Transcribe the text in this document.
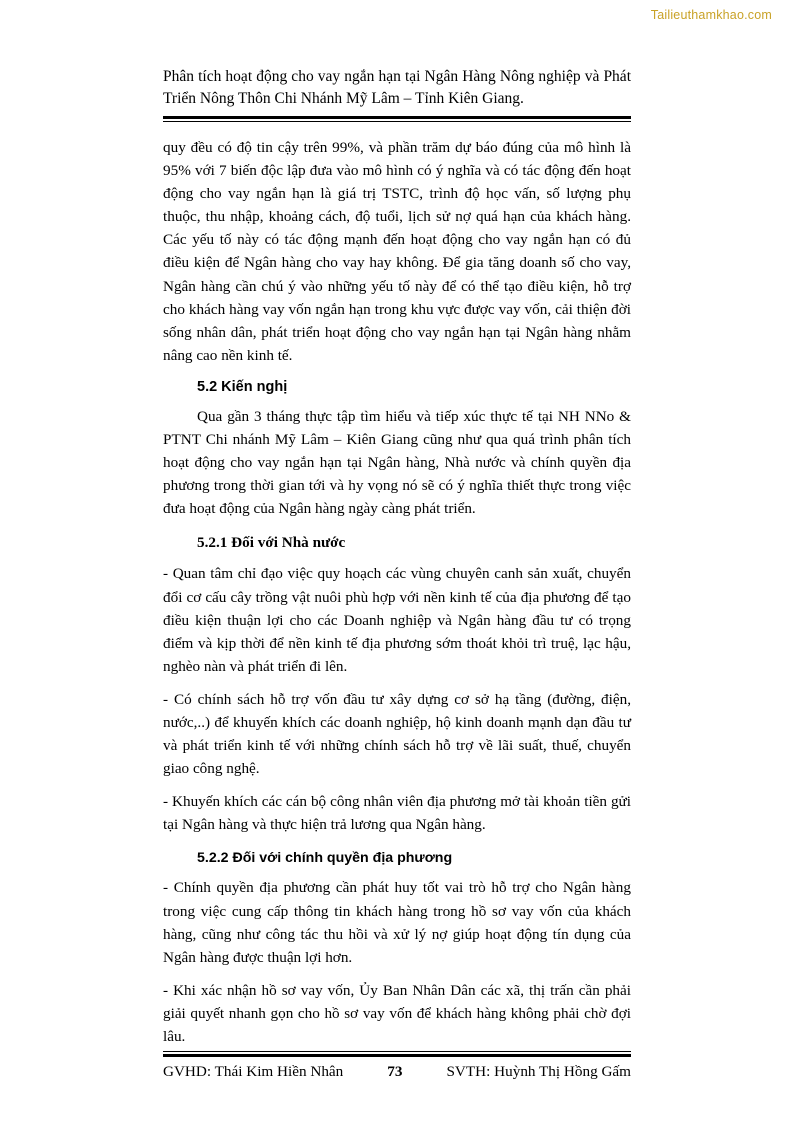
Tailieuthamkhao.com
Phân tích hoạt động cho vay ngắn hạn tại Ngân Hàng Nông nghiệp và Phát Triển Nông Thôn Chi Nhánh Mỹ Lâm – Tỉnh Kiên Giang.

quy đều có độ tin cậy trên 99%, và phần trăm dự báo đúng của mô hình là 95% với 7 biến độc lập đưa vào mô hình có ý nghĩa và có tác động đến hoạt động cho vay ngắn hạn là giá trị TSTC, trình độ học vấn, số lượng phụ thuộc, thu nhập, khoảng cách, độ tuổi, lịch sử nợ quá hạn của khách hàng. Các yếu tố này có tác động mạnh đến hoạt động cho vay ngắn hạn có đủ điều kiện để Ngân hàng cho vay hay không. Để gia tăng doanh số cho vay, Ngân hàng cần chú ý vào những yếu tố này để có thể tạo điều kiện, hỗ trợ cho khách hàng vay vốn ngắn hạn trong khu vực được vay vốn, cải thiện đời sống nhân dân, phát triển hoạt động cho vay ngắn hạn tại Ngân hàng nhằm nâng cao nền kinh tế.

5.2 Kiến nghị

Qua gần 3 tháng thực tập tìm hiểu và tiếp xúc thực tế tại NH NNo & PTNT Chi nhánh Mỹ Lâm – Kiên Giang cũng như qua quá trình phân tích hoạt động cho vay ngắn hạn tại Ngân hàng, Nhà nước và chính quyền địa phương trong thời gian tới và hy vọng nó sẽ có ý nghĩa thiết thực trong việc đưa hoạt động của Ngân hàng ngày càng phát triển.

5.2.1 Đối với Nhà nước

- Quan tâm chỉ đạo việc quy hoạch các vùng chuyên canh sản xuất, chuyển đổi cơ cấu cây trồng vật nuôi phù hợp với nền kinh tế của địa phương để tạo điều kiện thuận lợi cho các Doanh nghiệp và Ngân hàng đầu tư có trọng điểm và kịp thời để nền kinh tế địa phương sớm thoát khỏi trì truệ, lạc hậu, nghèo nàn và phát triển đi lên.

- Có chính sách hỗ trợ vốn đầu tư xây dựng cơ sở hạ tầng (đường, điện, nước,..) để khuyến khích các doanh nghiệp, hộ kinh doanh mạnh dạn đầu tư và phát triển kinh tế với những chính sách hỗ trợ về lãi suất, thuế, chuyển giao công nghệ.

- Khuyến khích các cán bộ công nhân viên địa phương mở tài khoản tiền gửi tại Ngân hàng và thực hiện trả lương qua Ngân hàng.

5.2.2 Đối với chính quyền địa phương

- Chính quyền địa phương cần phát huy tốt vai trò hỗ trợ cho Ngân hàng trong việc cung cấp thông tin khách hàng trong hồ sơ vay vốn của khách hàng, cũng như công tác thu hồi và xử lý nợ giúp hoạt động tín dụng của Ngân hàng được thuận lợi hơn.

- Khi xác nhận hồ sơ vay vốn, Ủy Ban Nhân Dân các xã, thị trấn cần phải giải quyết nhanh gọn cho hồ sơ vay vốn để khách hàng không phải chờ đợi lâu.

GVHD: Thái Kim Hiền Nhân	73	SVTH: Huỳnh Thị Hồng Gấm
